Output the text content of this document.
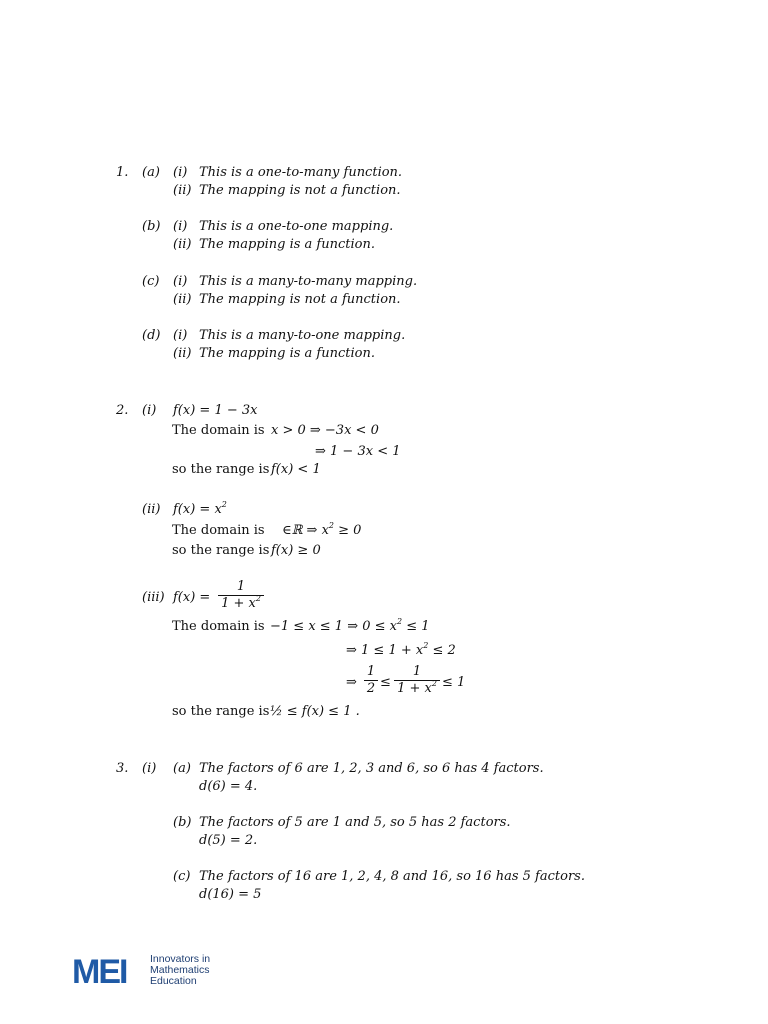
1. (a) (i) This is a one-to-many function.
(ii) The mapping is not a function.
(b) (i) This is a one-to-one mapping.
(ii) The mapping is a function.
(c) (i) This is a many-to-many mapping.
(ii) The mapping is not a function.
(d) (i) This is a many-to-one mapping.
(ii) The mapping is a function.
2. (i) f(x) = 1 − 3x
The domain is x > 0 ⇒ −3x < 0
⇒ 1 − 3x < 1
so the range is f(x) < 1
(ii) $f(x) = x^2$
The domain is ∈ℝ ⇒ $x^2 \ge 0$
so the range is f(x) ≥ 0
(iii) f(x) =
1
$1 + x^2$
The domain is −1 ≤ x ≤ 1 ⇒ $0 \le x^2 \le 1$
⇒ $1 \le 1 + x^2 \le 2$
⇒
1
2 ≤
1
$1 + x^2 \le 1$
so the range is ½ ≤ f(x) ≤ 1 .
3. (i) (a) The factors of 6 are 1, 2, 3 and 6, so 6 has 4 factors.
d(6) = 4.
(b) The factors of 5 are 1 and 5, so 5 has 2 factors.
d(5) = 2.
(c) The factors of 16 are 1, 2, 4, 8 and 16, so 16 has 5 factors.
d(16) = 5
MEI Innovators in
Mathematics
Education
